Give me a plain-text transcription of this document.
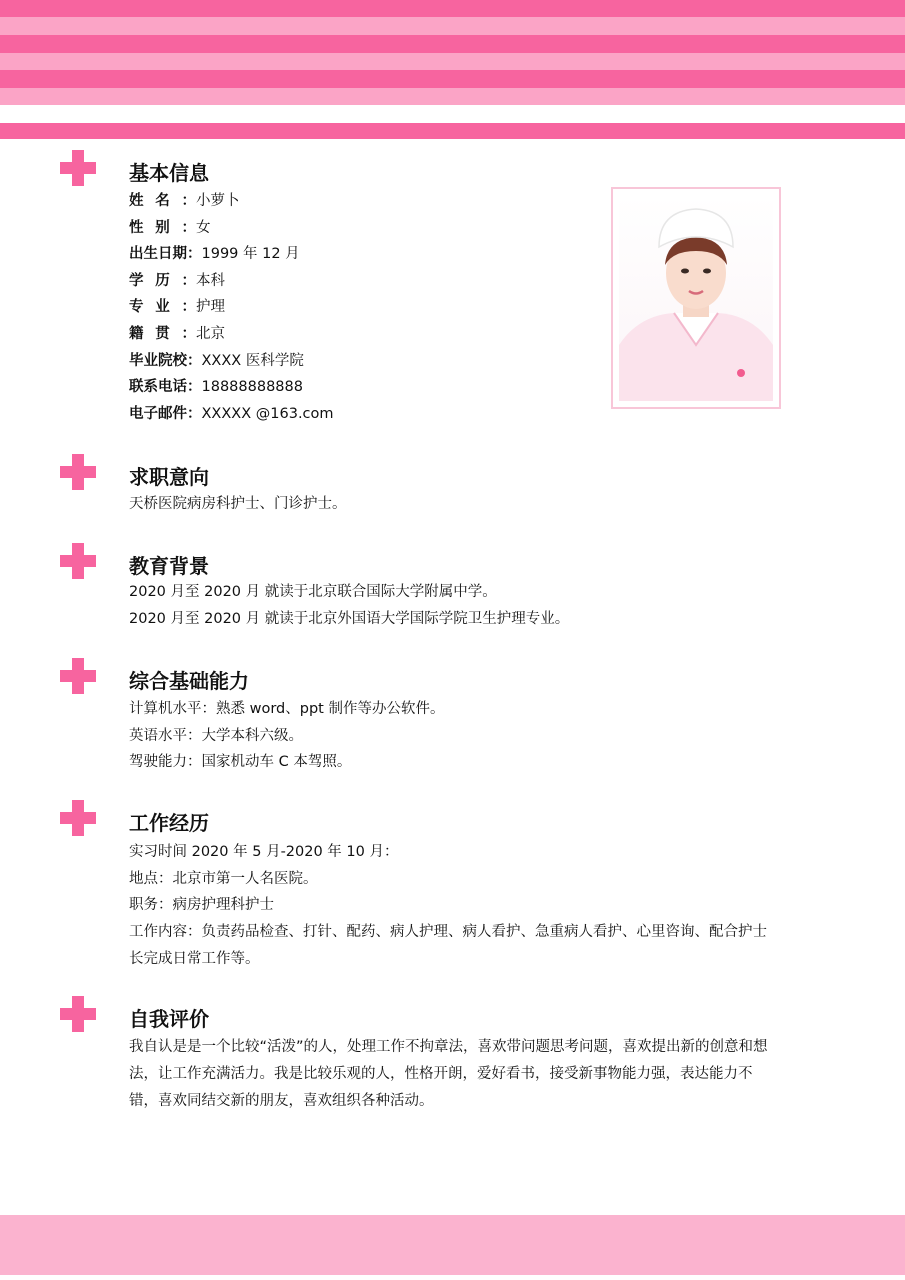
基本信息
姓名：小萝卜
性别：女
出生日期：1999 年 12 月
学历：本科
专业：护理
籍贯：北京
毕业院校：XXXX 医科学院
联系电话：18888888888
电子邮件：XXXXX @163.com
求职意向
天桥医院病房科护士、门诊护士。
教育背景
2020 月至 2020 月 就读于北京联合国际大学附属中学。
2020 月至 2020 月 就读于北京外国语大学国际学院卫生护理专业。
综合基础能力
计算机水平：熟悉 word、ppt 制作等办公软件。
英语水平：大学本科六级。
驾驶能力：国家机动车 C 本驾照。
工作经历
实习时间 2020 年 5 月-2020 年 10 月：
地点：北京市第一人名医院。
职务：病房护理科护士
工作内容：负责药品检查、打针、配药、病人护理、病人看护、急重病人看护、心里咨询、配合护士长完成日常工作等。
自我评价
我自认是是一个比较“活泼”的人，处理工作不拘章法，喜欢带问题思考问题，喜欢提出新的创意和想法，让工作充满活力。我是比较乐观的人，性格开朗，爱好看书，接受新事物能力强，表达能力不错，喜欢同结交新的朋友，喜欢组织各种活动。
